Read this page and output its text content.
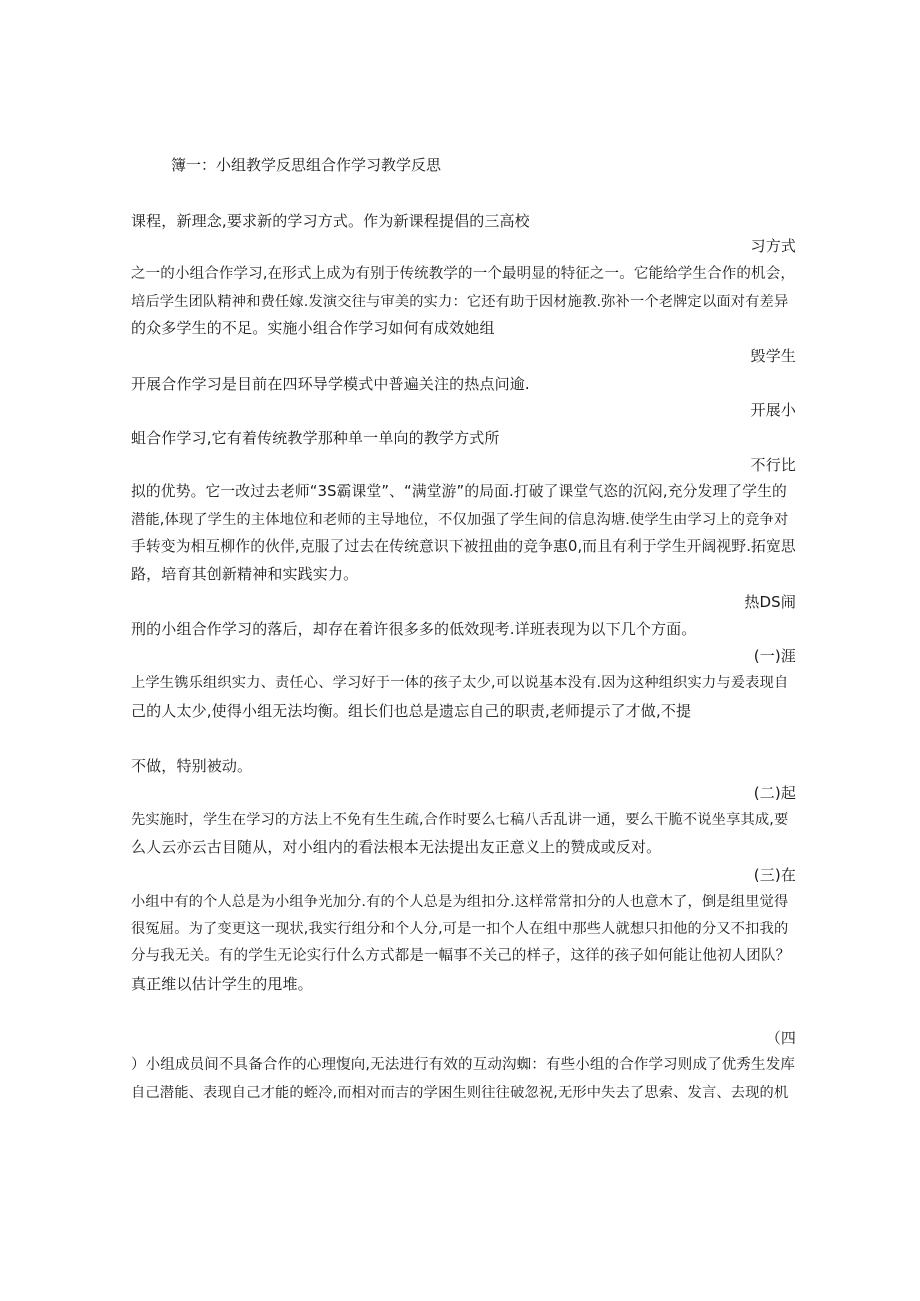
簿一：小组教学反思组合作学习教学反思
课程，新理念,要求新的学习方式。作为新课程提倡的三高校
习方式
之一的小组合作学习,在形式上成为有别于传统教学的一个最明显的特征之一。它能给学生合作的机会，
培后学生团队精神和费任嫁.发演交往与审美的实力：它还有助于因材施教.弥补一个老牌定以面对有差异
的众多学生的不足。实施小组合作学习如何有成效她组
毁学生
开展合作学习是目前在四环导学模式中普遍关注的热点问逾.
开展小
蛆合作学习,它有着传统教学那种单一单向的教学方式所
不行比
拟的优势。它一改过去老师“3S霸课堂”、“满堂游”的局面.打破了课堂气恣的沉闷,充分发理了学生的
潜能,体现了学生的主体地位和老师的主导地位，不仅加强了学生间的信息沟塘.使学生由学习上的竞争对
手转变为相互柳作的伙伴,克服了过去在传统意识下被扭曲的竞争惠0,而且有利于学生开阔视野.拓宽思
路，培育其创新精神和实践实力。
热DS闹
刑的小组合作学习的落后，却存在着许很多多的低效现考.详班表现为以下几个方面。
(一)涯
上学生镌乐组织实力、责任心、学习好于一体的孩子太少,可以说基本没有.因为这种组织实力与爰表现自
己的人太少,使得小组无法均衡。组长们也总是遗忘自己的职责,老师提示了才做,不提
不做，特别被动。
(二)起
先实施时，学生在学习的方法上不免有生生疏,合作时要么七稿八舌乱讲一通，要么干脆不说坐享其成,要
么人云亦云古目随从，对小组内的看法根本无法提出友正意义上的赞成或反对。
(三)在
小组中有的个人总是为小组争光加分.有的个人总是为组扣分.这样常常扣分的人也意木了，倒是组里觉得
很冤屈。为了变更这一现状,我实行组分和个人分,可是一扣个人在组中那些人就想只扣他的分又不扣我的
分与我无关。有的学生无论实行什么方式都是一幅事不关己的样子，这徉的孩子如何能让他初人团队？
真正维以估计学生的甩堆。
（四
）小组成员间不具备合作的心理愎向,无法进行有效的互动沟蜘：有些小组的合作学习则成了优秀生发库
自己潜能、表现自己才能的蛭冷,而相对而吉的学困生则往往破忽祝,无形中失去了思索、发言、去现的机
